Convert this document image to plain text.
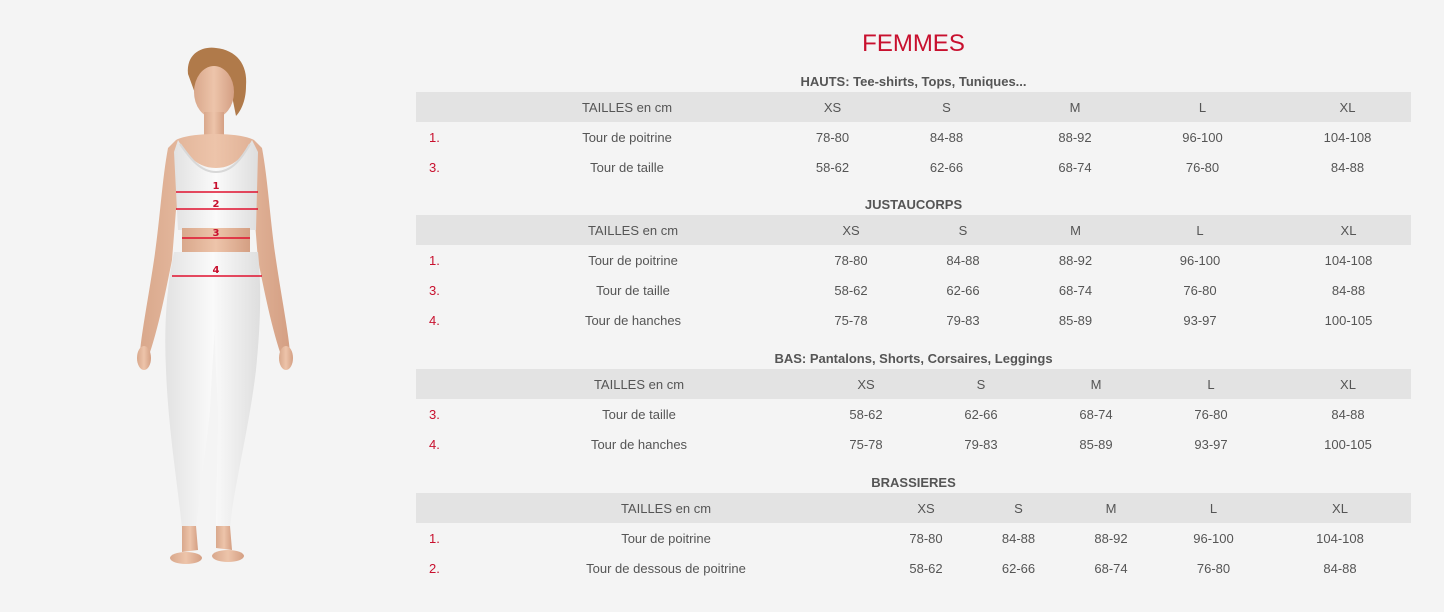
1
2
3
4
FEMMES
HAUTS: Tee-shirts, Tops, Tuniques...
	TAILLES en cm	XS	S	M	L	XL
1.	Tour de poitrine	78-80	84-88	88-92	96-100	104-108
3.	Tour de taille	58-62	62-66	68-74	76-80	84-88
JUSTAUCORPS
	TAILLES en cm	XS	S	M	L	XL
1.	Tour de poitrine	78-80	84-88	88-92	96-100	104-108
3.	Tour de taille	58-62	62-66	68-74	76-80	84-88
4.	Tour de hanches	75-78	79-83	85-89	93-97	100-105
BAS: Pantalons, Shorts, Corsaires, Leggings
	TAILLES en cm	XS	S	M	L	XL
3.	Tour de taille	58-62	62-66	68-74	76-80	84-88
4.	Tour de hanches	75-78	79-83	85-89	93-97	100-105
BRASSIERES
	TAILLES en cm	XS	S	M	L	XL
1.	Tour de poitrine	78-80	84-88	88-92	96-100	104-108
2.	Tour de dessous de poitrine	58-62	62-66	68-74	76-80	84-88
